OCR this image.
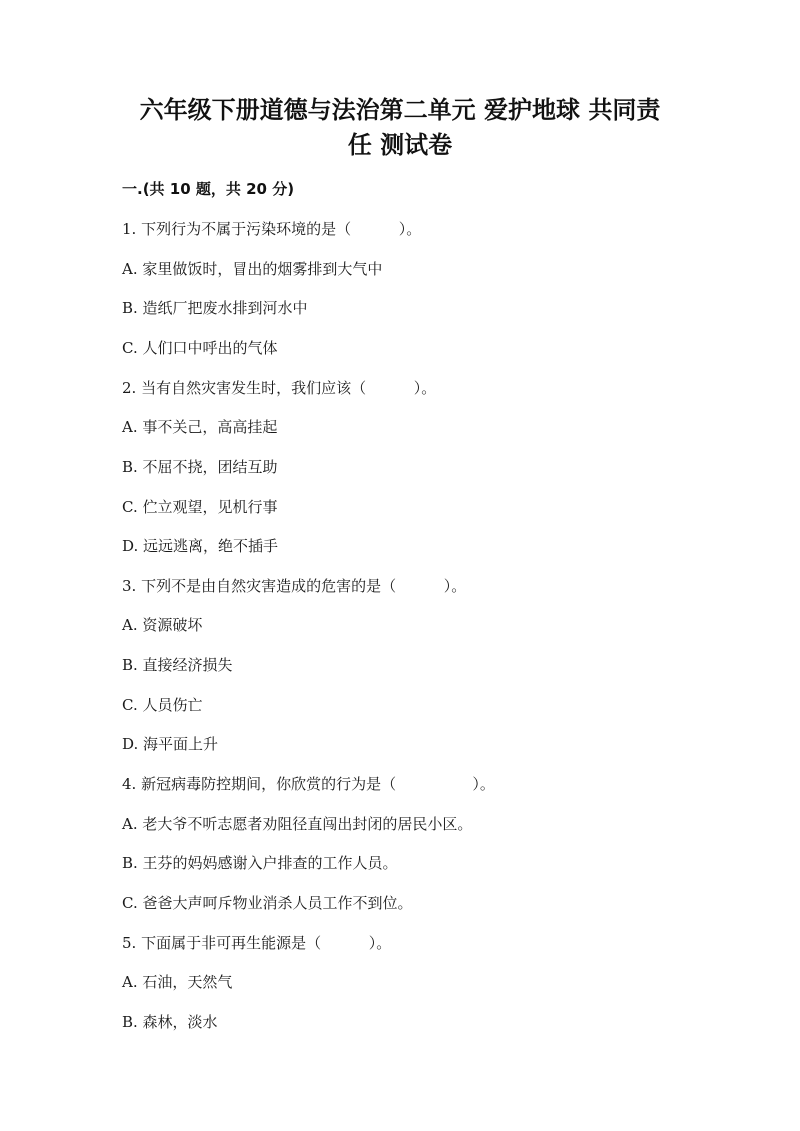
六年级下册道德与法治第二单元 爱护地球 共同责
任 测试卷
一.(共 10 题，共 20 分)
1. 下列行为不属于污染环境的是（          ）。
A. 家里做饭时，冒出的烟雾排到大气中
B. 造纸厂把废水排到河水中
C. 人们口中呼出的气体
2. 当有自然灾害发生时，我们应该（          ）。
A. 事不关己，高高挂起
B. 不屈不挠，团结互助
C. 伫立观望，见机行事
D. 远远逃离，绝不插手
3. 下列不是由自然灾害造成的危害的是（          ）。
A. 资源破坏
B. 直接经济损失
C. 人员伤亡
D. 海平面上升
4. 新冠病毒防控期间，你欣赏的行为是（                ）。
A. 老大爷不听志愿者劝阻径直闯出封闭的居民小区。
B. 王芬的妈妈感谢入户排查的工作人员。
C. 爸爸大声呵斥物业消杀人员工作不到位。
5. 下面属于非可再生能源是（          ）。
A. 石油，天然气
B. 森林，淡水
